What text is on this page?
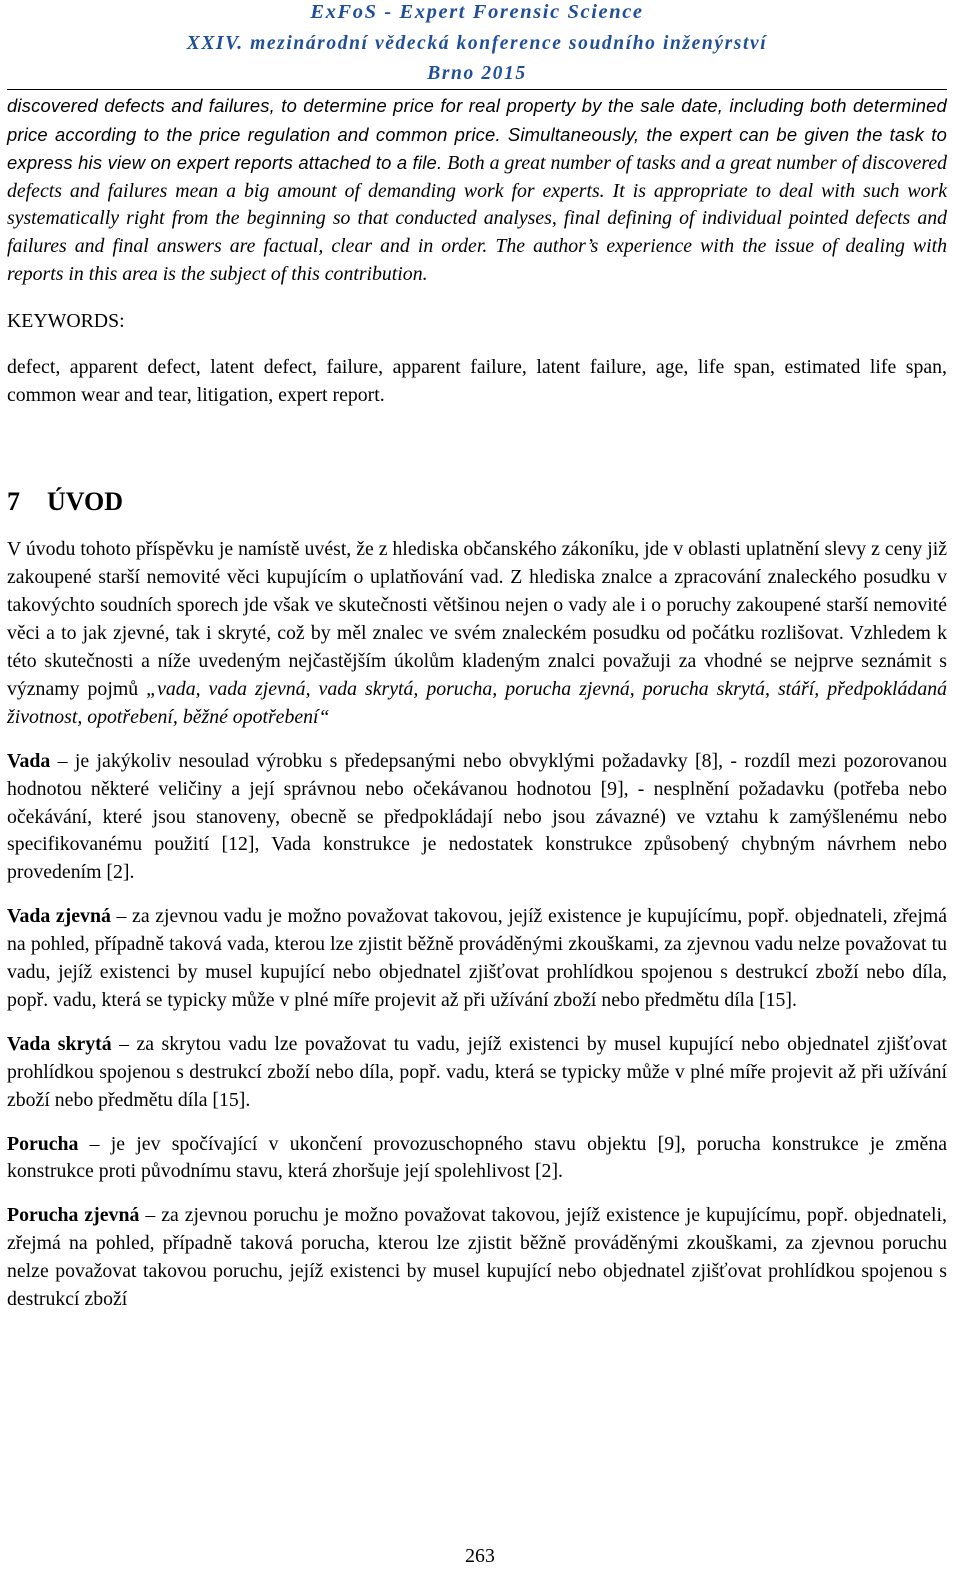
ExFoS - Expert Forensic Science
XXIV. mezinárodní vědecká konference soudního inženýrství
Brno 2015

discovered defects and failures, to determine price for real property by the sale date, including both determined price according to the price regulation and common price. Simultaneously, the expert can be given the task to express his view on expert reports attached to a file. Both a great number of tasks and a great number of discovered defects and failures mean a big amount of demanding work for experts. It is appropriate to deal with such work systematically right from the beginning so that conducted analyses, final defining of individual pointed defects and failures and final answers are factual, clear and in order. The author’s experience with the issue of dealing with reports in this area is the subject of this contribution.

KEYWORDS:

defect, apparent defect, latent defect, failure, apparent failure, latent failure, age, life span, estimated life span, common wear and tear, litigation, expert report.

7 ÚVOD

V úvodu tohoto příspěvku je namístě uvést, že z hlediska občanského zákoníku, jde v oblasti uplatnění slevy z ceny již zakoupené starší nemovité věci kupujícím o uplatňování vad. Z hlediska znalce a zpracování znaleckého posudku v takovýchto soudních sporech jde však ve skutečnosti většinou nejen o vady ale i o poruchy zakoupené starší nemovité věci a to jak zjevné, tak i skryté, což by měl znalec ve svém znaleckém posudku od počátku rozlišovat. Vzhledem k této skutečnosti a níže uvedeným nejčastějším úkolům kladeným znalci považuji za vhodné se nejprve seznámit s významy pojmů „vada, vada zjevná, vada skrytá, porucha, porucha zjevná, porucha skrytá, stáří, předpokládaná životnost, opotřebení, běžné opotřebení“

Vada – je jakýkoliv nesoulad výrobku s předepsanými nebo obvyklými požadavky [8], - rozdíl mezi pozorovanou hodnotou některé veličiny a její správnou nebo očekávanou hodnotou [9], - nesplnění požadavku (potřeba nebo očekávání, které jsou stanoveny, obecně se předpokládají nebo jsou závazné) ve vztahu k zamýšlenému nebo specifikovanému použití [12], Vada konstrukce je nedostatek konstrukce způsobený chybným návrhem nebo provedením [2].

Vada zjevná – za zjevnou vadu je možno považovat takovou, jejíž existence je kupujícímu, popř. objednateli, zřejmá na pohled, případně taková vada, kterou lze zjistit běžně prováděnými zkouškami, za zjevnou vadu nelze považovat tu vadu, jejíž existenci by musel kupující nebo objednatel zjišťovat prohlídkou spojenou s destrukcí zboží nebo díla, popř. vadu, která se typicky může v plné míře projevit až při užívání zboží nebo předmětu díla [15].

Vada skrytá – za skrytou vadu lze považovat tu vadu, jejíž existenci by musel kupující nebo objednatel zjišťovat prohlídkou spojenou s destrukcí zboží nebo díla, popř. vadu, která se typicky může v plné míře projevit až při užívání zboží nebo předmětu díla [15].

Porucha – je jev spočívající v ukončení provozuschopného stavu objektu [9], porucha konstrukce je změna konstrukce proti původnímu stavu, která zhoršuje její spolehlivost [2].

Porucha zjevná – za zjevnou poruchu je možno považovat takovou, jejíž existence je kupujícímu, popř. objednateli, zřejmá na pohled, případně taková porucha, kterou lze zjistit běžně prováděnými zkouškami, za zjevnou poruchu nelze považovat takovou poruchu, jejíž existenci by musel kupující nebo objednatel zjišťovat prohlídkou spojenou s destrukcí zboží

263
